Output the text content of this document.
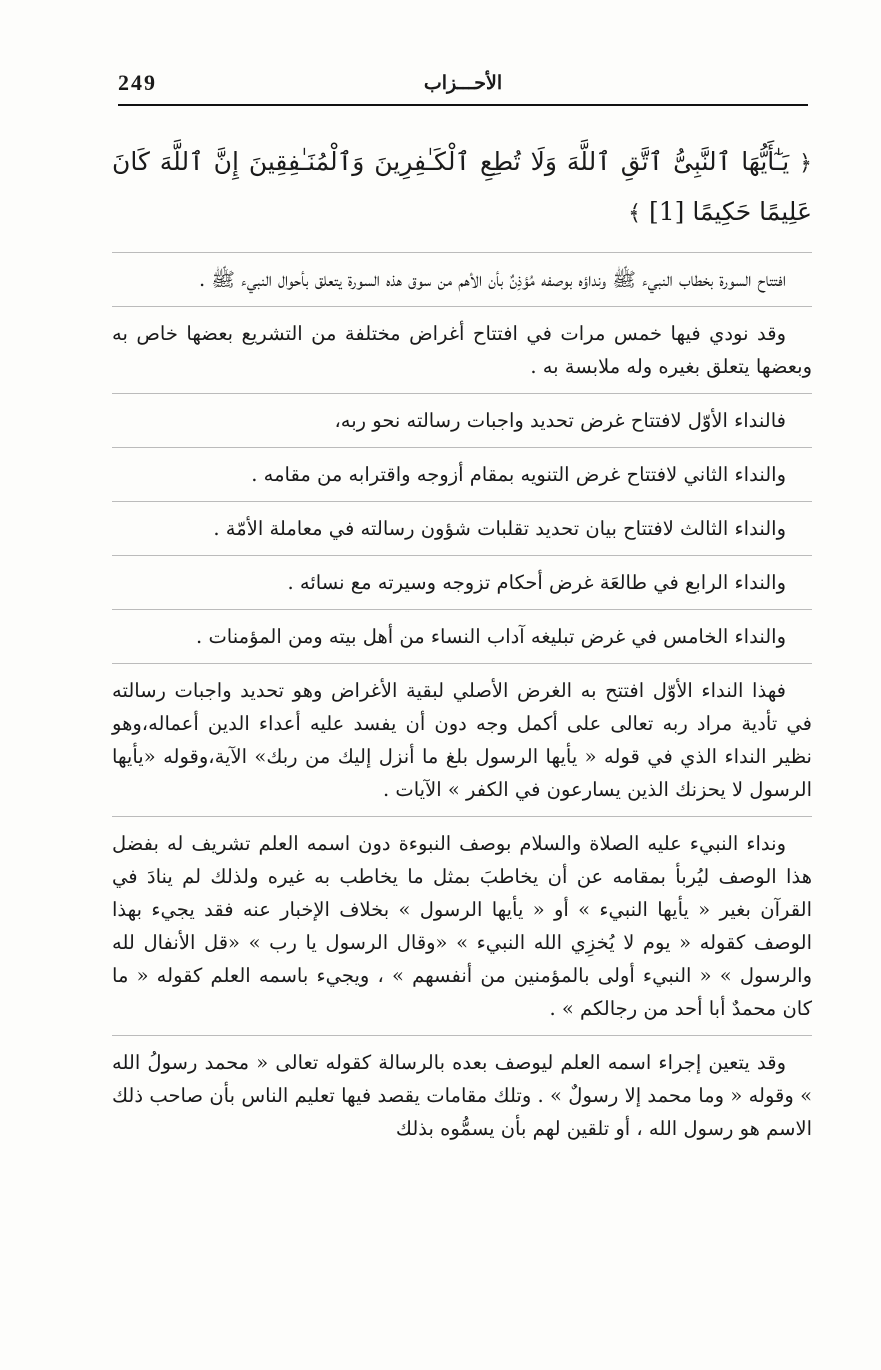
249	الأحـــزاب
﴿ يَـٰٓأَيُّهَا ٱلنَّبِىُّ ٱتَّقِ ٱللَّهَ وَلَا تُطِعِ ٱلْكَـٰفِرِينَ وَٱلْمُنَـٰفِقِينَ إِنَّ ٱللَّهَ كَانَ عَلِيمًا حَكِيمًا [1] ﴾

افتتاح السورة بخطاب النبيء ﷺ ونداؤه بوصفه مُؤذِنٌ بأن الأهم من سوق هذه السورة يتعلق بأحوال النبيء ﷺ .

وقد نودي فيها خمس مرات في افتتاح أغراض مختلفة من التشريع بعضها خاص به وبعضها يتعلق بغيره وله ملابسة به .

فالنداء الأوّل لافتتاح غرض تحديد واجبات رسالته نحو ربه،

والنداء الثاني لافتتاح غرض التنويه بمقام أزوجه واقترابه من مقامه .

والنداء الثالث لافتتاح بيان تحديد تقلبات شؤون رسالته في معاملة الأمّة .

والنداء الرابع في طالعَة غرض أحكام تزوجه وسيرته مع نسائه .

والنداء الخامس في غرض تبليغه آداب النساء من أهل بيته ومن المؤمنات .

فهذا النداء الأوّل افتتح به الغرض الأصلي لبقية الأغراض وهو تحديد واجبات رسالته في تأدية مراد ربه تعالى على أكمل وجه دون أن يفسد عليه أعداء الدين أعماله،وهو نظير النداء الذي في قوله « يأيها الرسول بلغ ما أنزل إليك من ربك» الآية،وقوله «يأيها الرسول لا يحزنك الذين يسارعون في الكفر » الآيات .

ونداء النبيء عليه الصلاة والسلام بوصف النبوءة دون اسمه العلم تشريف له بفضل هذا الوصف ليُربأ بمقامه عن أن يخاطبَ بمثل ما يخاطب به غيره ولذلك لم ينادَ في القرآن بغير « يأيها النبيء » أو « يأيها الرسول » بخلاف الإخبار عنه فقد يجيء بهذا الوصف كقوله « يوم لا يُخزِي الله النبيء » «وقال الرسول يا رب » «قل الأنفال لله والرسول » « النبيء أولى بالمؤمنين من أنفسهم » ، ويجيء باسمه العلم كقوله « ما كان محمدٌ أبا أحد من رجالكم » .

وقد يتعين إجراء اسمه العلم ليوصف بعده بالرسالة كقوله تعالى « محمد رسولُ الله » وقوله « وما محمد إلا رسولٌ » . وتلك مقامات يقصد فيها تعليم الناس بأن صاحب ذلك الاسم هو رسول الله ، أو تلقين لهم بأن يسمُّوه بذلك
